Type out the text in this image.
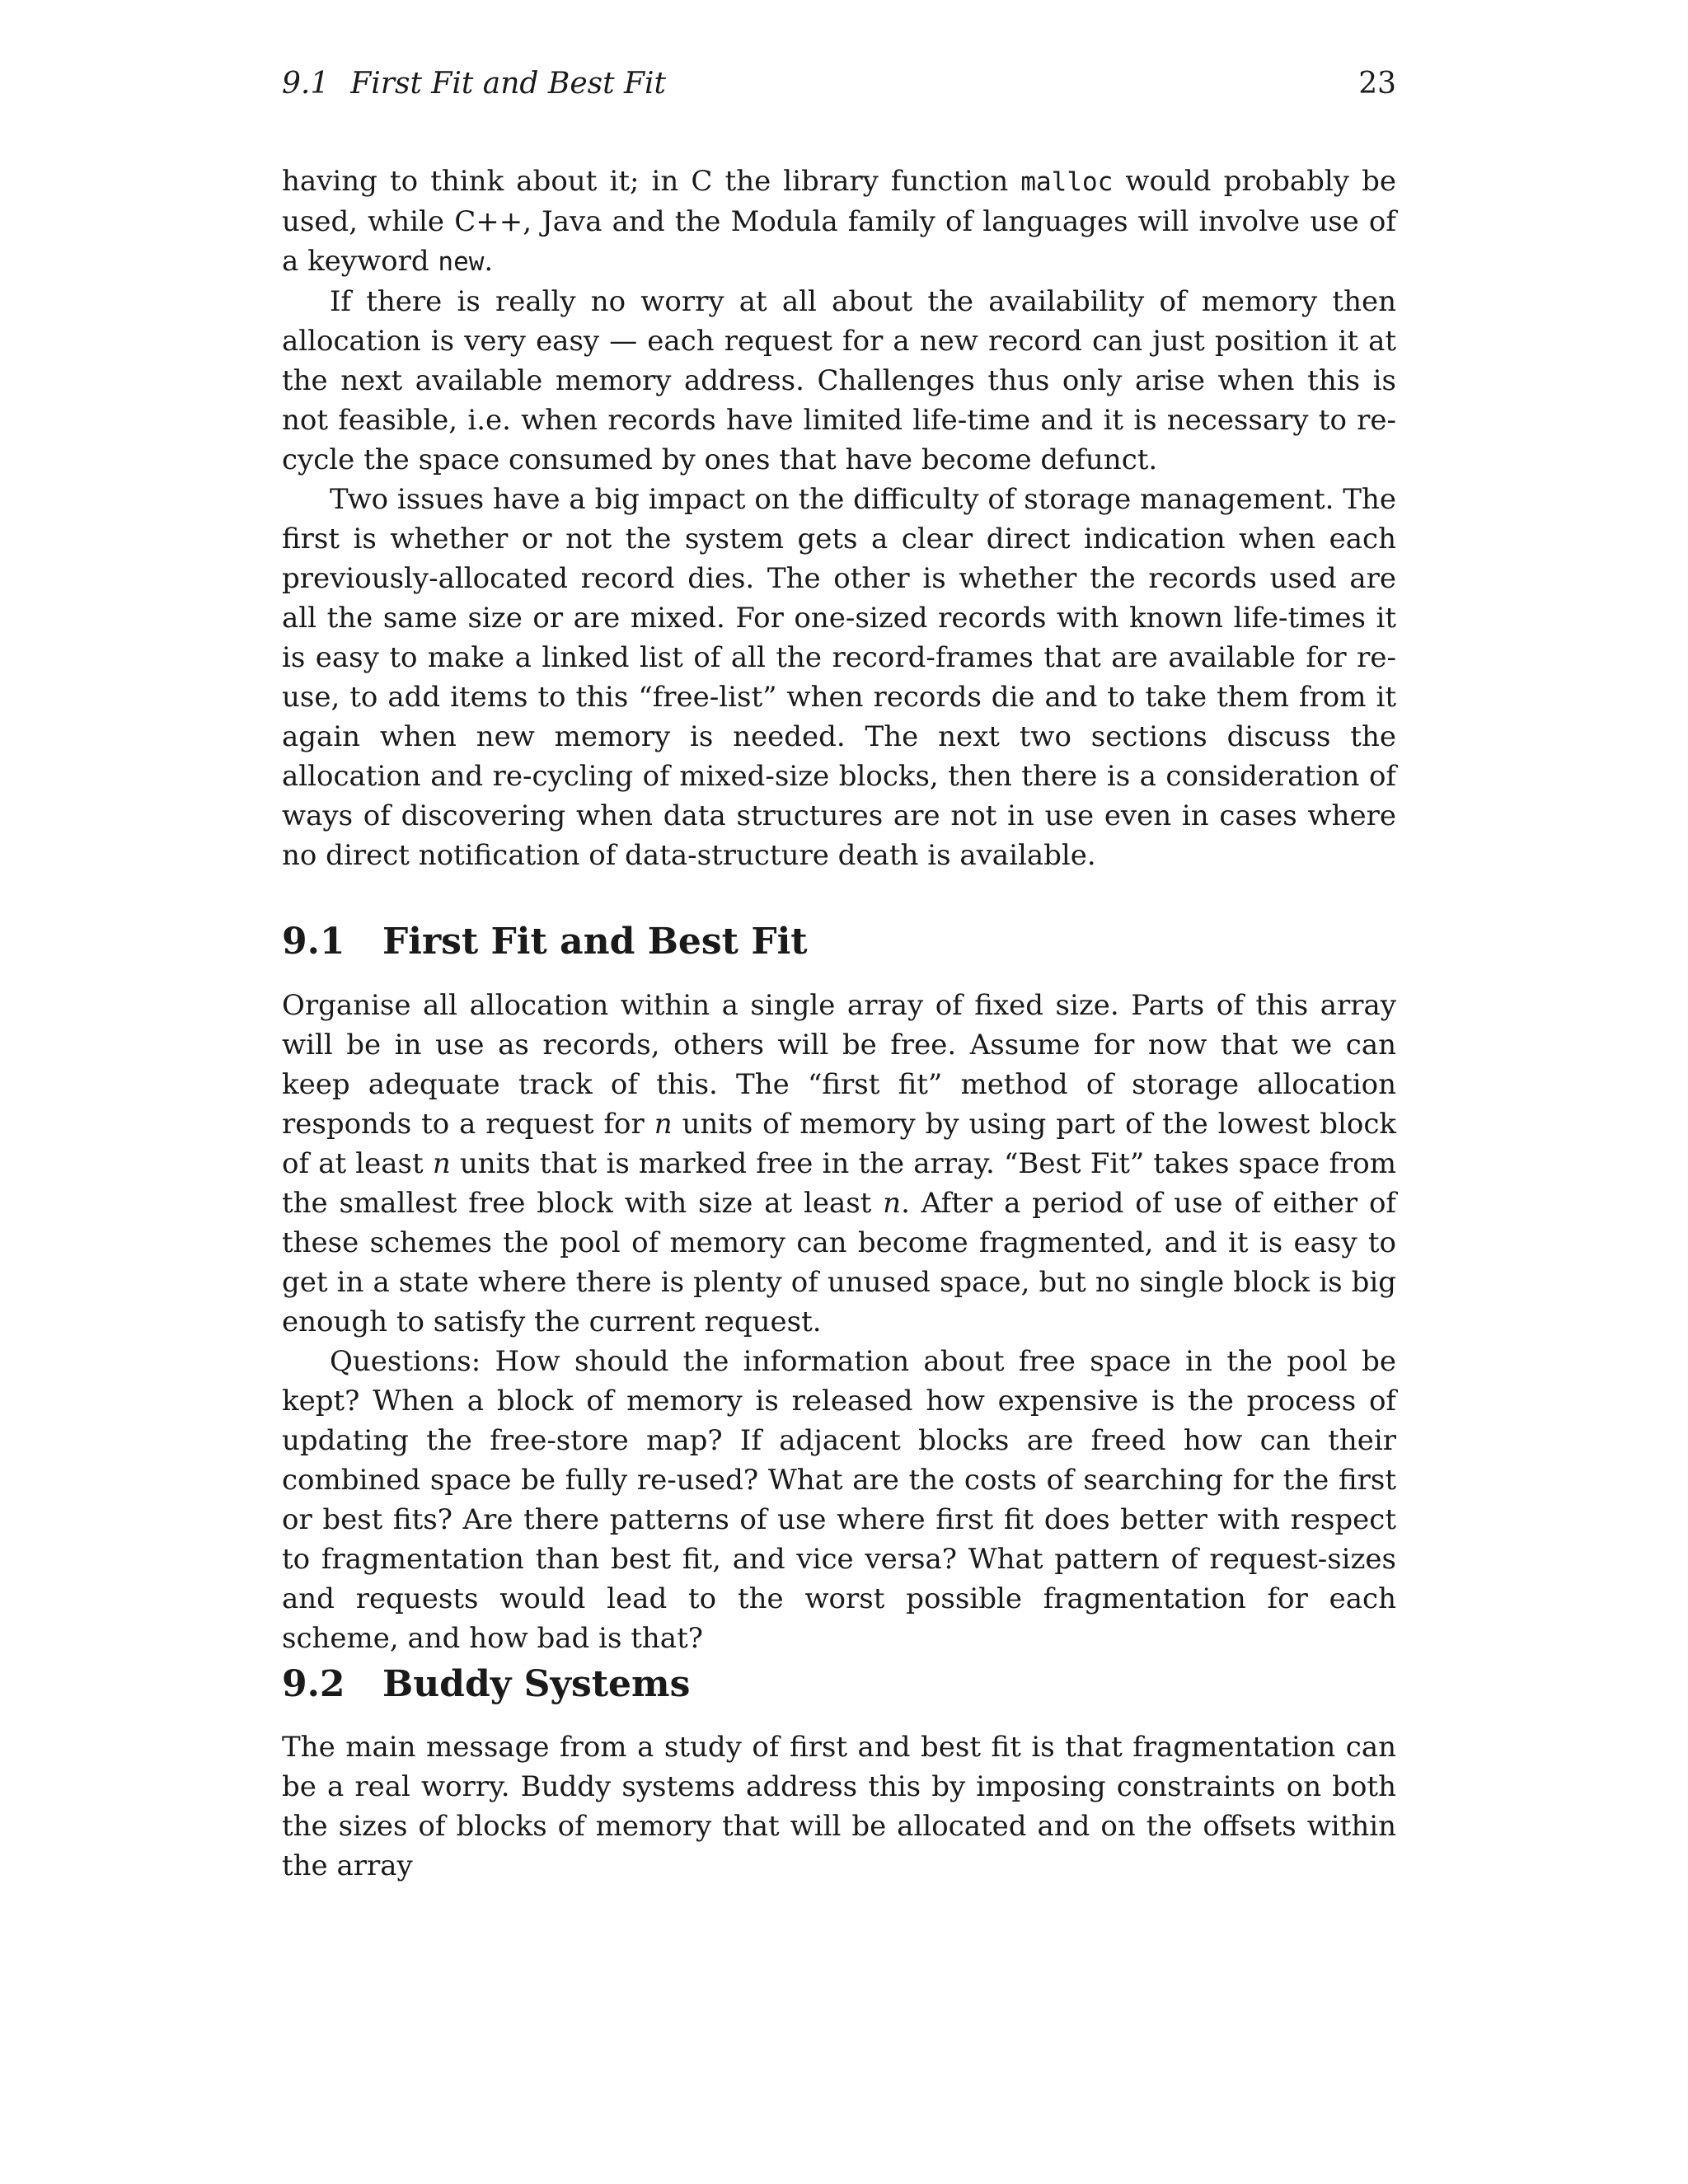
9.1 First Fit and Best Fit	23

having to think about it; in C the library function malloc would probably be used, while C++, Java and the Modula family of languages will involve use of a keyword new.

If there is really no worry at all about the availability of memory then allocation is very easy — each request for a new record can just position it at the next available memory address. Challenges thus only arise when this is not feasible, i.e. when records have limited life-time and it is necessary to re-cycle the space consumed by ones that have become defunct.

Two issues have a big impact on the difficulty of storage management. The first is whether or not the system gets a clear direct indication when each previously-allocated record dies. The other is whether the records used are all the same size or are mixed. For one-sized records with known life-times it is easy to make a linked list of all the record-frames that are available for re-use, to add items to this “free-list” when records die and to take them from it again when new memory is needed. The next two sections discuss the allocation and re-cycling of mixed-size blocks, then there is a consideration of ways of discovering when data structures are not in use even in cases where no direct notification of data-structure death is available.

9.1 First Fit and Best Fit

Organise all allocation within a single array of fixed size. Parts of this array will be in use as records, others will be free. Assume for now that we can keep adequate track of this. The “first fit” method of storage allocation responds to a request for n units of memory by using part of the lowest block of at least n units that is marked free in the array. “Best Fit” takes space from the smallest free block with size at least n. After a period of use of either of these schemes the pool of memory can become fragmented, and it is easy to get in a state where there is plenty of unused space, but no single block is big enough to satisfy the current request.

Questions: How should the information about free space in the pool be kept? When a block of memory is released how expensive is the process of updating the free-store map? If adjacent blocks are freed how can their combined space be fully re-used? What are the costs of searching for the first or best fits? Are there patterns of use where first fit does better with respect to fragmentation than best fit, and vice versa? What pattern of request-sizes and requests would lead to the worst possible fragmentation for each scheme, and how bad is that?

9.2 Buddy Systems

The main message from a study of first and best fit is that fragmentation can be a real worry. Buddy systems address this by imposing constraints on both the sizes of blocks of memory that will be allocated and on the offsets within the array
